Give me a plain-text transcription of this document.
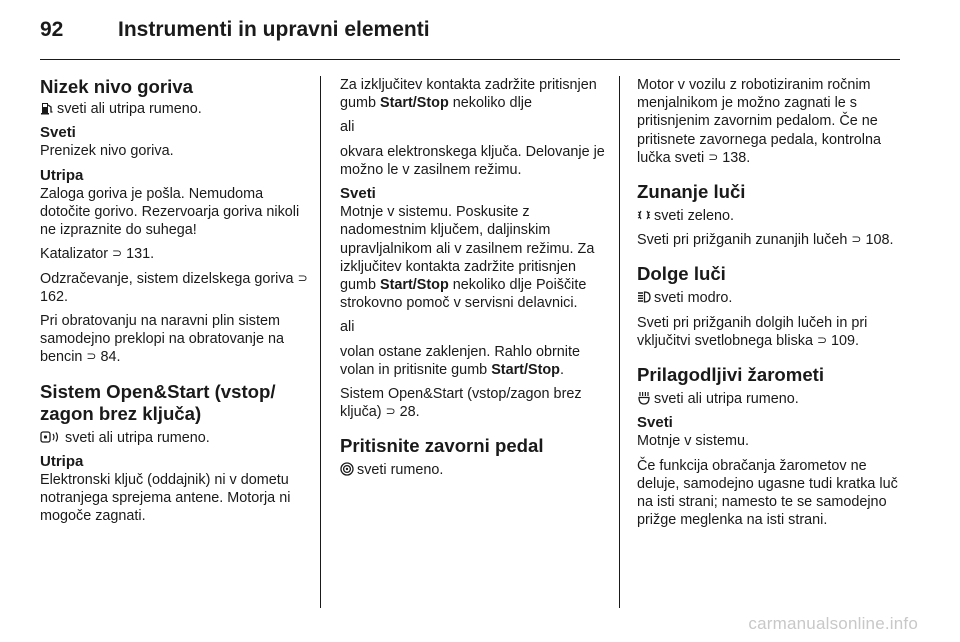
92	Instrumenti in upravni elementi
Nizek nivo goriva

sveti ali utripa rumeno.

Sveti

Prenizek nivo goriva.

Utripa

Zaloga goriva je pošla. Nemudoma dotočite gorivo. Rezervoarja goriva nikoli ne izpraznite do suhega!

Katalizator ⊃ 131.

Odzračevanje, sistem dizelskega goriva ⊃ 162.

Pri obratovanju na naravni plin sistem samodejno preklopi na obratovanje na bencin ⊃ 84.

Sistem Open&Start (vstop/ zagon brez ključa)

sveti ali utripa rumeno.

Utripa

Elektronski ključ (oddajnik) ni v dometu notranjega sprejema antene. Motorja ni mogoče zagnati.

Za izključitev kontakta zadržite pritisnjen gumb Start/Stop nekoliko dlje

ali

okvara elektronskega ključa. Delovanje je možno le v zasilnem režimu.

Sveti

Motnje v sistemu. Poskusite z nadomestnim ključem, daljinskim upravljalnikom ali v zasilnem režimu. Za izključitev kontakta zadržite pritisnjen gumb Start/Stop nekoliko dlje Poiščite strokovno pomoč v servisni delavnici.

ali

volan ostane zaklenjen. Rahlo obrnite volan in pritisnite gumb Start/Stop.

Sistem Open&Start (vstop/zagon brez ključa) ⊃ 28.

Pritisnite zavorni pedal

sveti rumeno.

Motor v vozilu z robotiziranim ročnim menjalnikom je možno zagnati le s pritisnjenim zavornim pedalom. Če ne pritisnete zavornega pedala, kontrolna lučka sveti ⊃ 138.

Zunanje luči

sveti zeleno.

Sveti pri prižganih zunanjih lučeh ⊃ 108.

Dolge luči

sveti modro.

Sveti pri prižganih dolgih lučeh in pri vključitvi svetlobnega bliska ⊃ 109.

Prilagodljivi žarometi

sveti ali utripa rumeno.

Sveti

Motnje v sistemu.

Če funkcija obračanja žarometov ne deluje, samodejno ugasne tudi kratka luč na isti strani; namesto te se samodejno prižge meglenka na isti strani.

carmanualsonline.info
